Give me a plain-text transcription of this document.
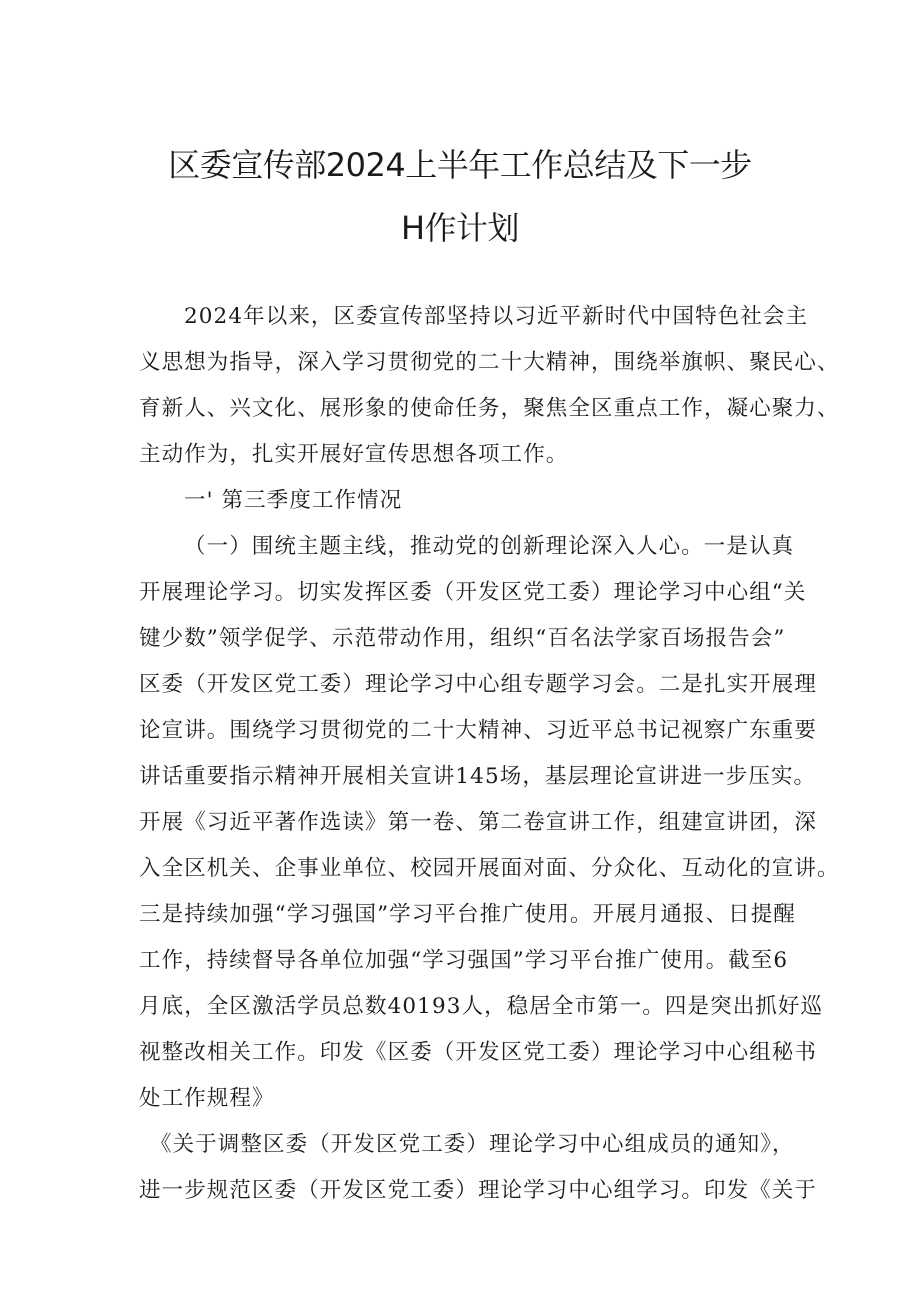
区委宣传部2024上半年工作总结及下一步
H作计划
2024年以来，区委宣传部坚持以习近平新时代中国特色社会主
义思想为指导，深入学习贯彻党的二十大精神，围绕举旗帜、聚民心、
育新人、兴文化、展形象的使命任务，聚焦全区重点工作，凝心聚力、
主动作为，扎实开展好宣传思想各项工作。
一' 第三季度工作情况
（一）围统主题主线，推动党的创新理论深入人心。一是认真
开展理论学习。切实发挥区委（开发区党工委）理论学习中心组“关
键少数”领学促学、示范带动作用，组织“百名法学家百场报告会”
区委（开发区党工委）理论学习中心组专题学习会。二是扎实开展理
论宣讲。围绕学习贯彻党的二十大精神、习近平总书记视察广东重要
讲话重要指示精神开展相关宣讲145场，基层理论宣讲进一步压实。
开展《习近平著作选读》第一卷、第二卷宣讲工作，组建宣讲团，深
入全区机关、企事业单位、校园开展面对面、分众化、互动化的宣讲。
三是持续加强“学习强国”学习平台推广使用。开展月通报、日提醒
工作，持续督导各单位加强“学习强国”学习平台推广使用。截至6
月底，全区激活学员总数40193人，稳居全市第一。四是突出抓好巡
视整改相关工作。印发《区委（开发区党工委）理论学习中心组秘书
处工作规程》
《关于调整区委（开发区党工委）理论学习中心组成员的通知》，
进一步规范区委（开发区党工委）理论学习中心组学习。印发《关于
